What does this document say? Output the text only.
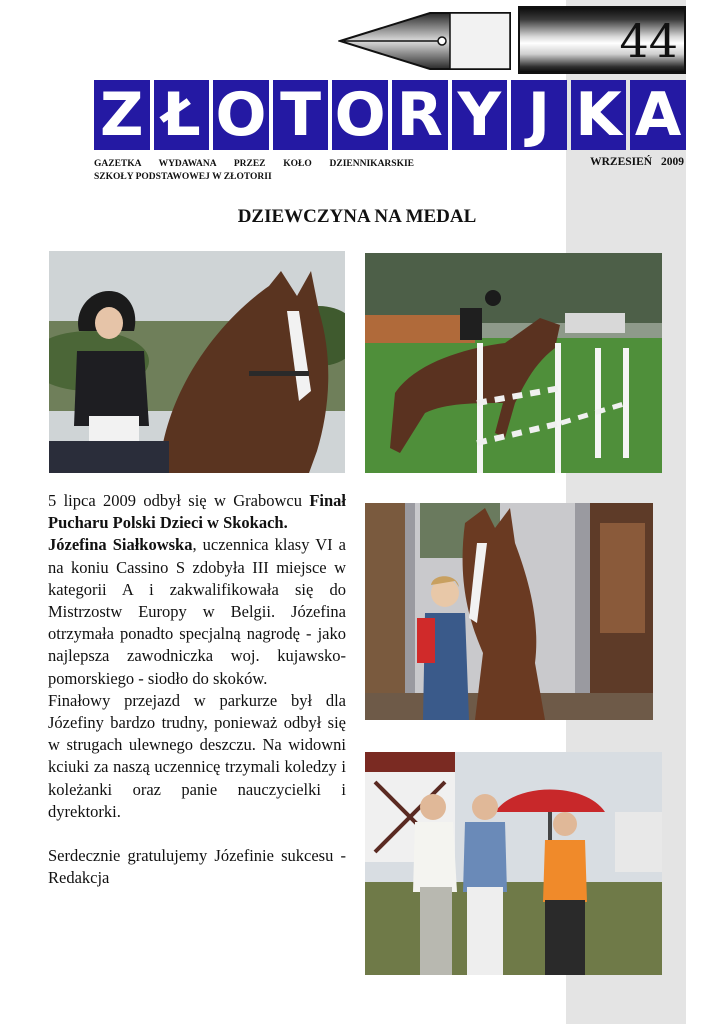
44
Z Ł O T O R Y J K A
GAZETKA WYDAWANA PRZEZ KOŁO DZIENNIKARSKIE
SZKOŁY PODSTAWOWEJ W ZŁOTORII
WRZESIEŃ 2009
DZIEWCZYNA NA MEDAL

5 lipca 2009 odbył się w Grabowcu Finał Pucharu Polski Dzieci w Skokach.

Józefina Siałkowska, uczennica klasy VI a na koniu Cassino S zdobyła III miejsce w kategorii A i zakwalifikowała się do Mistrzostw Europy w Belgii. Józefina otrzymała ponadto specjalną nagrodę - jako najlepsza zawodniczka woj. kujawsko-pomorskiego - siodło do skoków.

Finałowy przejazd w parkurze był dla Józefiny bardzo trudny, ponieważ odbył się w strugach ulewnego deszczu. Na widowni kciuki za naszą uczennicę trzymali koledzy i koleżanki oraz panie nauczycielki i dyrektorki.

Serdecznie gratulujemy Józefinie sukcesu - Redakcja
